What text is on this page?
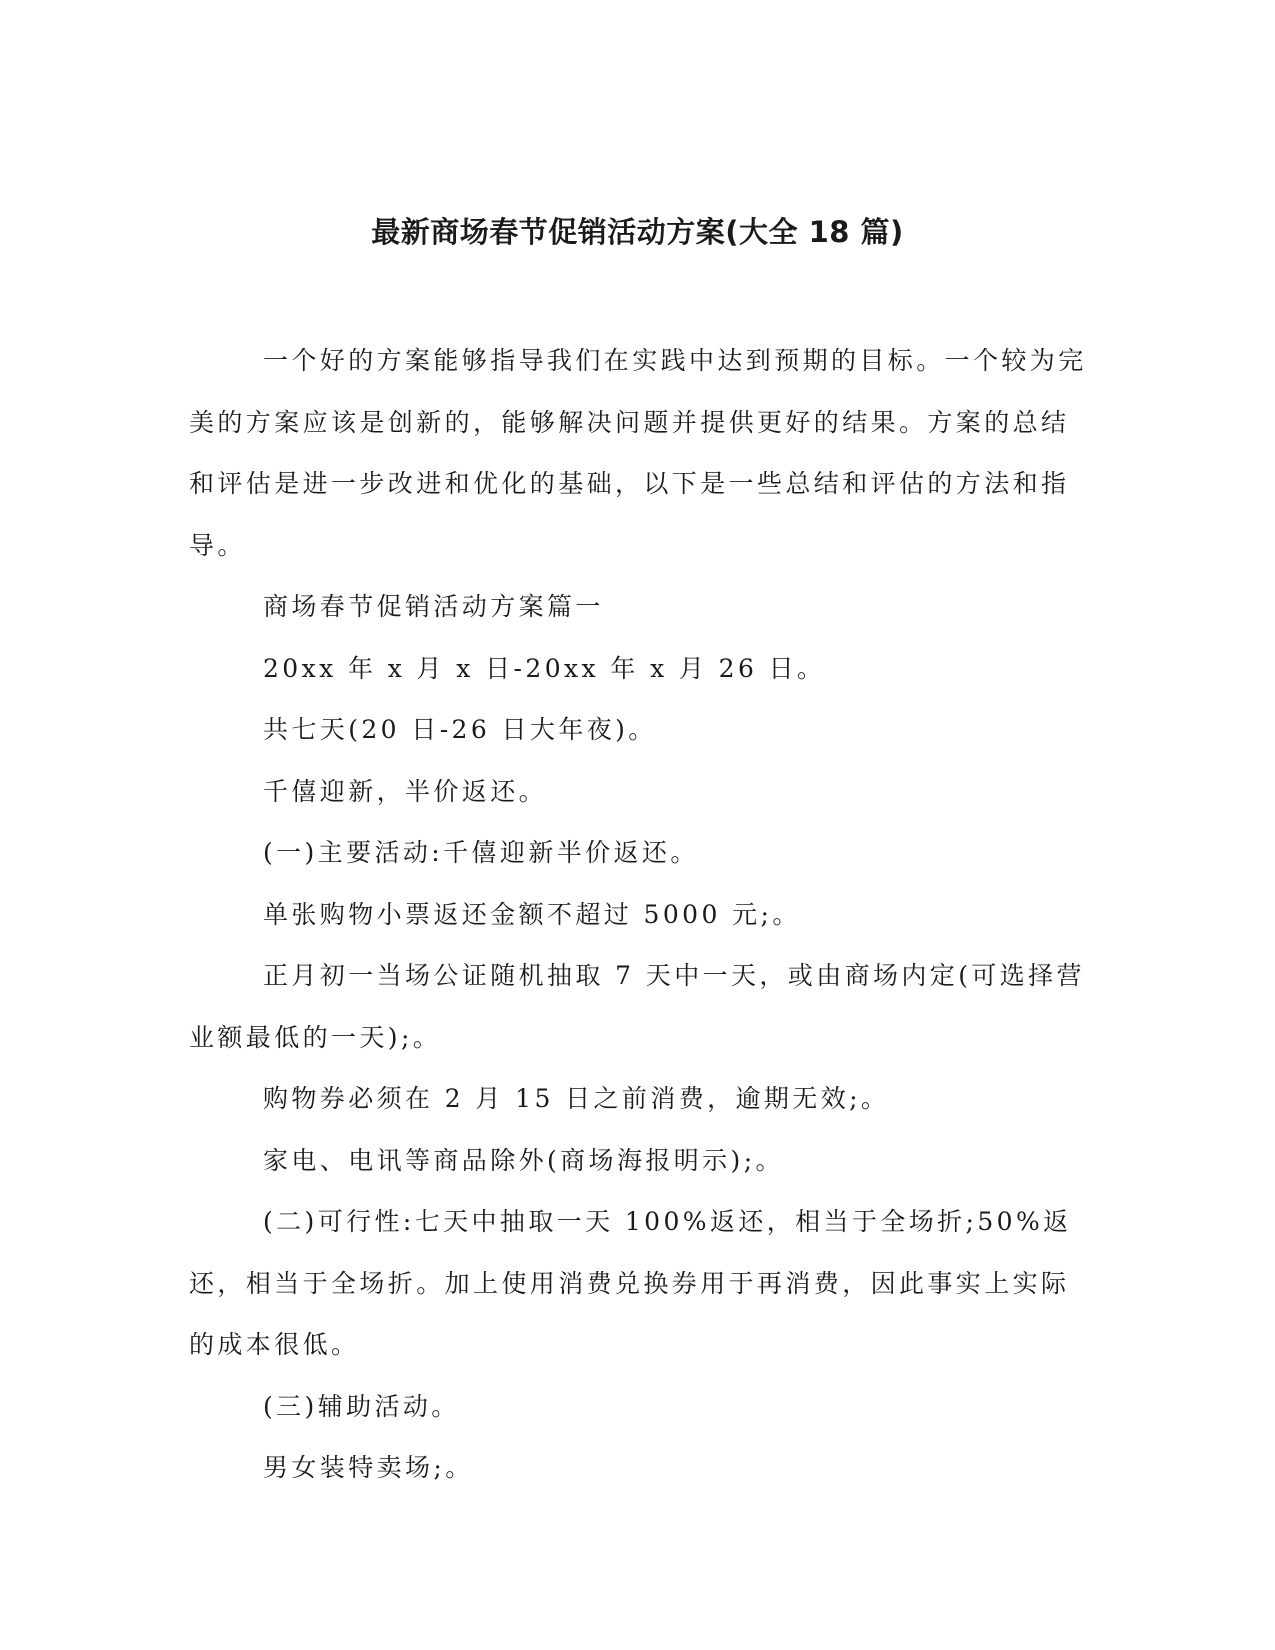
最新商场春节促销活动方案(大全 18 篇)

一个好的方案能够指导我们在实践中达到预期的目标。一个较为完美的方案应该是创新的，能够解决问题并提供更好的结果。方案的总结和评估是进一步改进和优化的基础，以下是一些总结和评估的方法和指导。

商场春节促销活动方案篇一

20xx 年 x 月 x 日-20xx 年 x 月 26 日。

共七天(20 日-26 日大年夜)。

千僖迎新，半价返还。

(一)主要活动:千僖迎新半价返还。

单张购物小票返还金额不超过 5000 元;。

正月初一当场公证随机抽取 7 天中一天，或由商场内定(可选择营业额最低的一天);。

购物券必须在 2 月 15 日之前消费，逾期无效;。

家电、电讯等商品除外(商场海报明示);。

(二)可行性:七天中抽取一天 100%返还，相当于全场折;50%返还，相当于全场折。加上使用消费兑换券用于再消费，因此事实上实际的成本很低。

(三)辅助活动。

男女装特卖场;。
